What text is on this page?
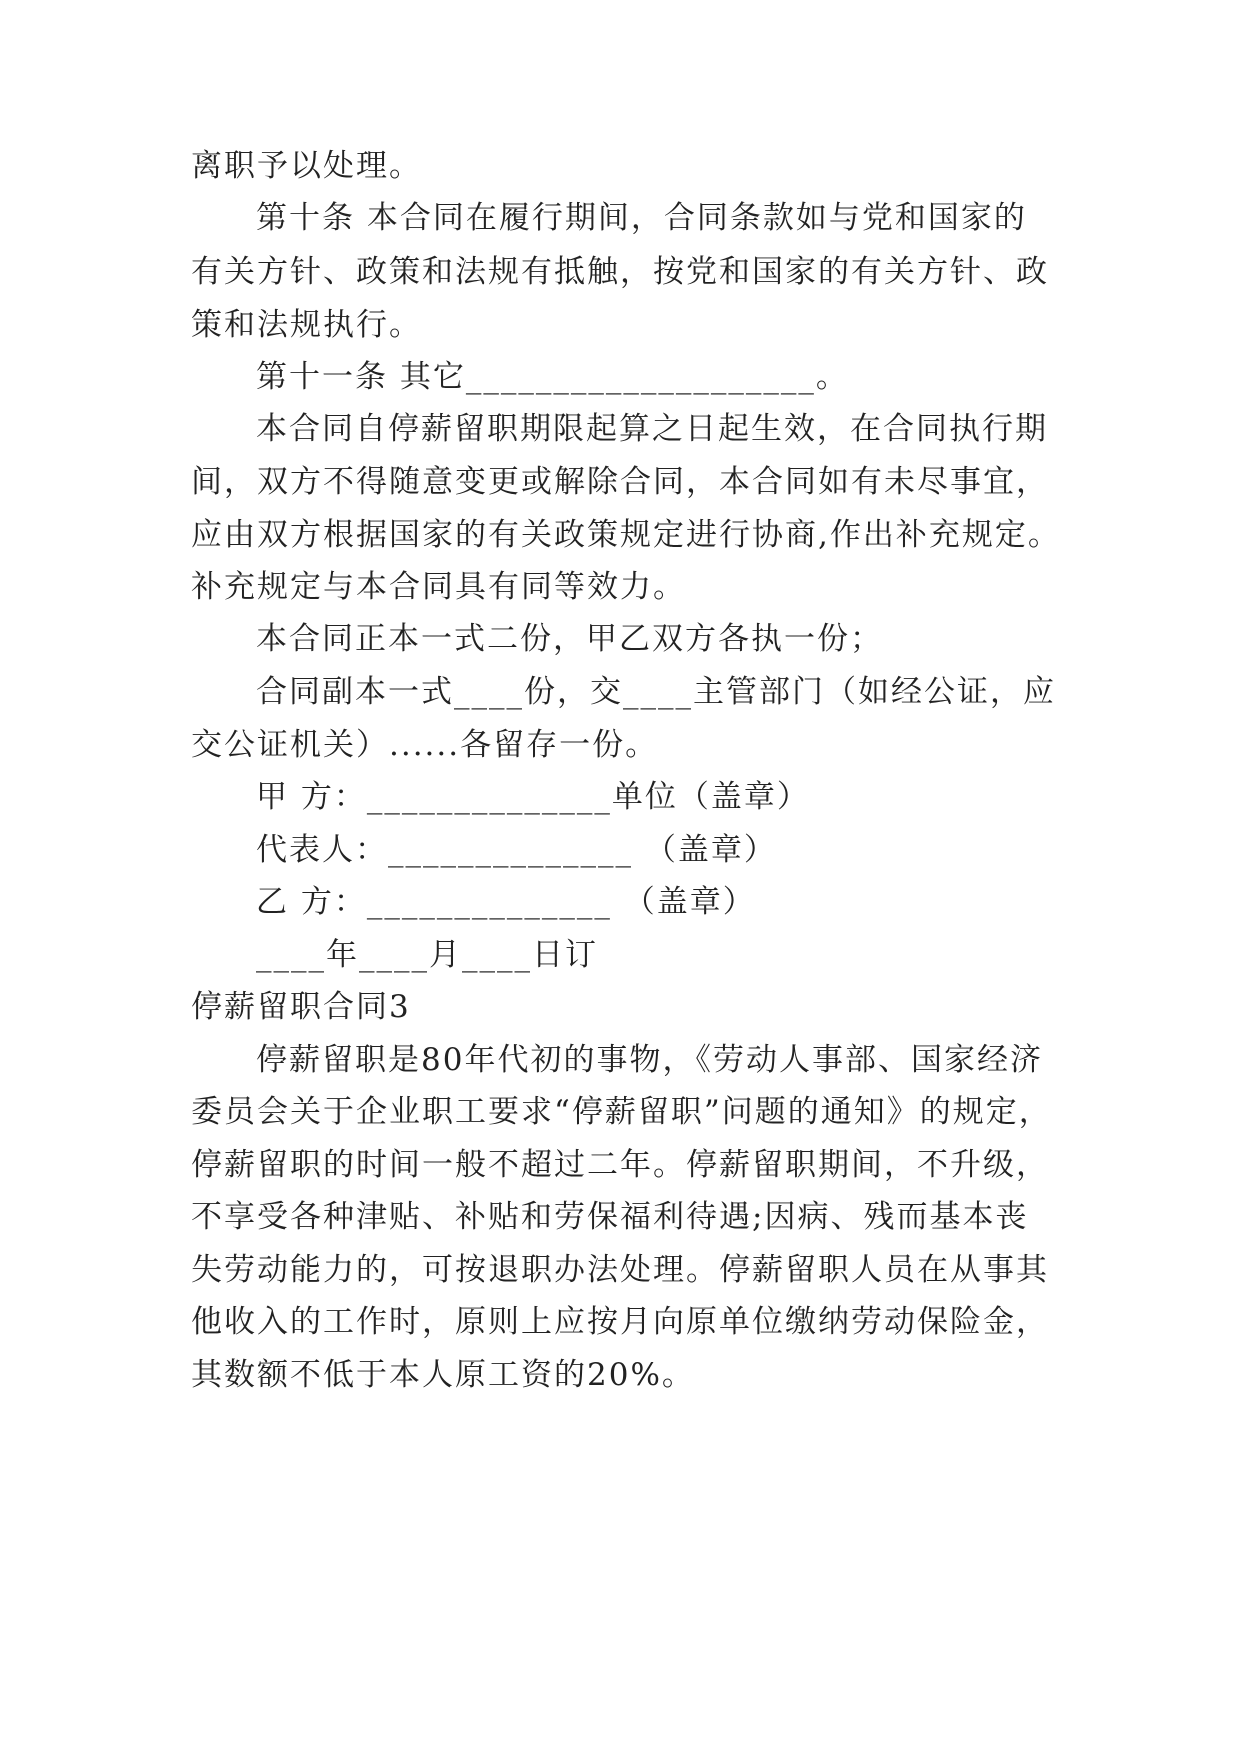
离职予以处理。
第十条 本合同在履行期间，合同条款如与党和国家的
有关方针、政策和法规有抵触，按党和国家的有关方针、政
策和法规执行。
第十一条 其它____________________。
本合同自停薪留职期限起算之日起生效，在合同执行期
间，双方不得随意变更或解除合同，本合同如有未尽事宜，
应由双方根据国家的有关政策规定进行协商,作出补充规定。
补充规定与本合同具有同等效力。
本合同正本一式二份，甲乙双方各执一份；
合同副本一式____份，交____主管部门（如经公证，应
交公证机关）......各留存一份。
甲 方：______________单位（盖章）
代表人：______________ （盖章）
乙 方：______________ （盖章）
____年____月____日订
停薪留职合同3
停薪留职是80年代初的事物，《劳动人事部、国家经济
委员会关于企业职工要求“停薪留职”问题的通知》的规定，
停薪留职的时间一般不超过二年。停薪留职期间，不升级，
不享受各种津贴、补贴和劳保福利待遇;因病、残而基本丧
失劳动能力的，可按退职办法处理。停薪留职人员在从事其
他收入的工作时，原则上应按月向原单位缴纳劳动保险金，
其数额不低于本人原工资的20%。
